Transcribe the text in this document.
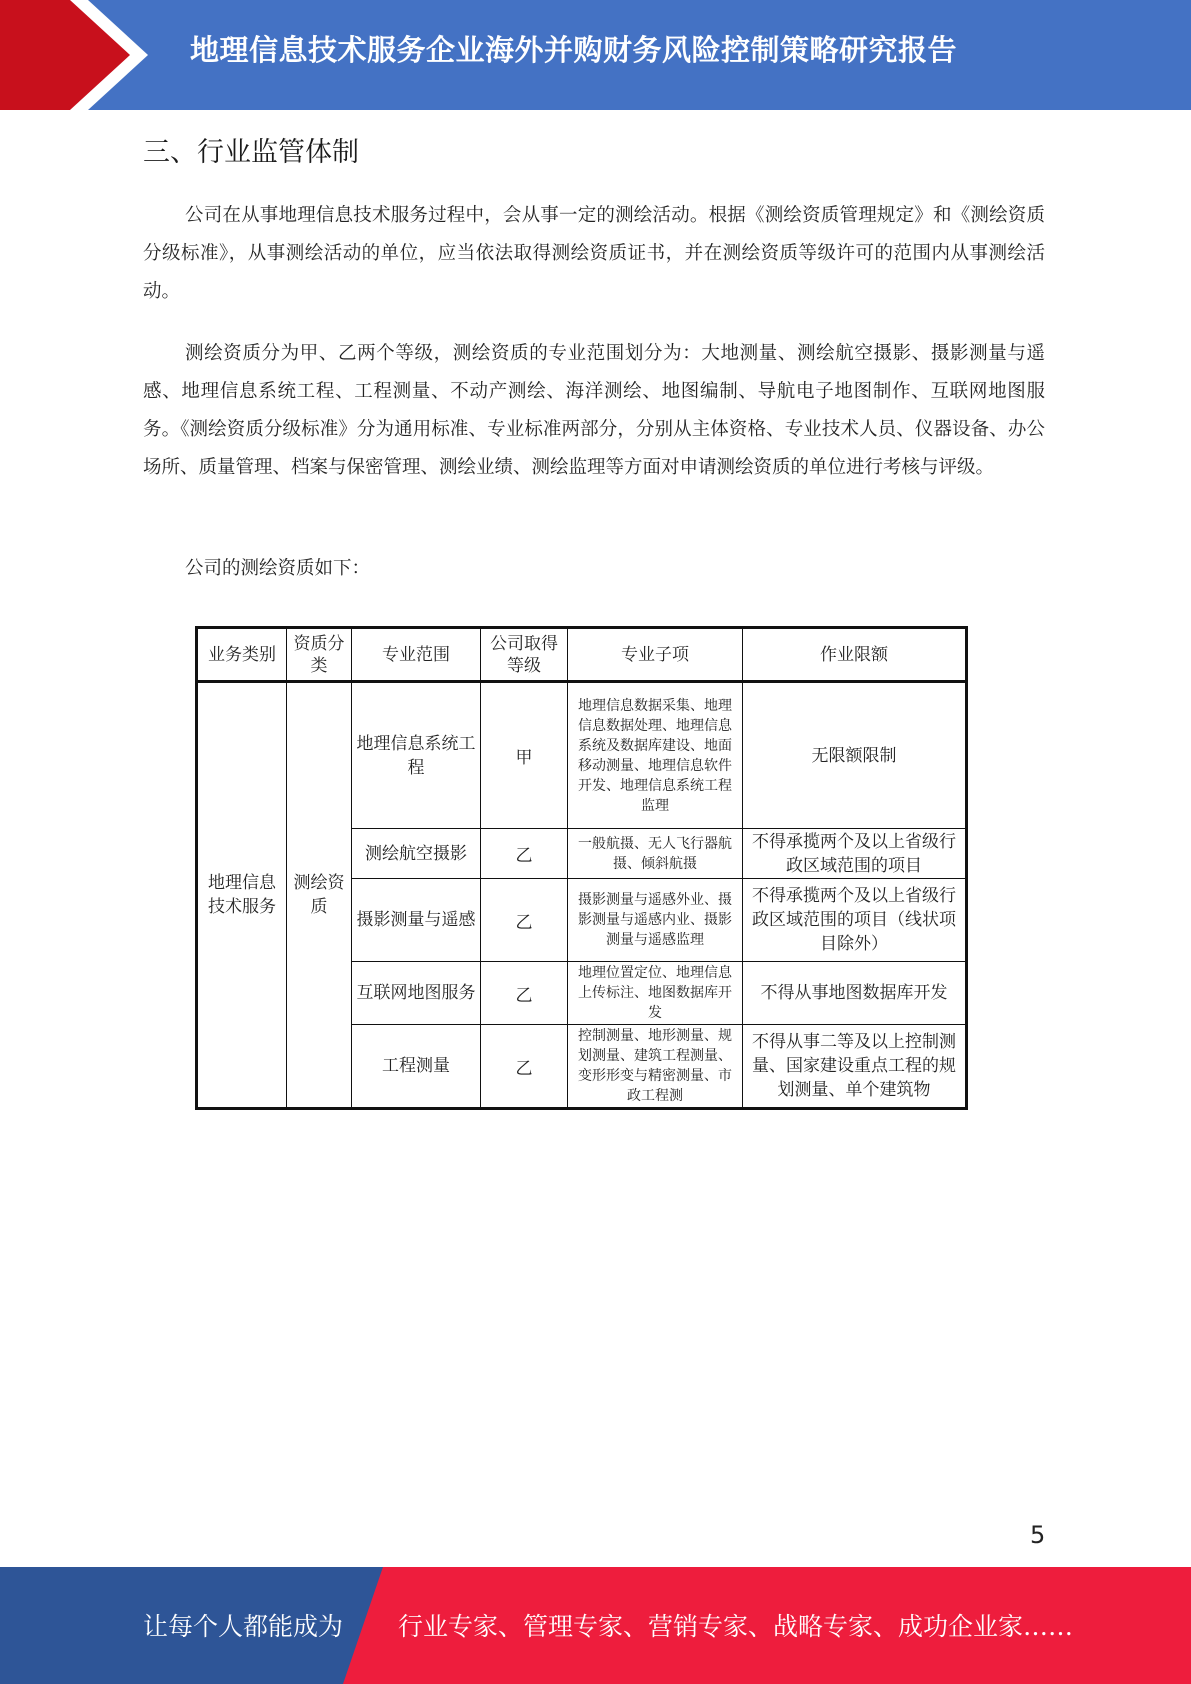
地理信息技术服务企业海外并购财务风险控制策略研究报告
三、行业监管体制

公司在从事地理信息技术服务过程中，会从事一定的测绘活动。根据《测绘资质管理规定》和《测绘资质分级标准》，从事测绘活动的单位，应当依法取得测绘资质证书，并在测绘资质等级许可的范围内从事测绘活动。

测绘资质分为甲、乙两个等级，测绘资质的专业范围划分为：大地测量、测绘航空摄影、摄影测量与遥感、地理信息系统工程、工程测量、不动产测绘、海洋测绘、地图编制、导航电子地图制作、互联网地图服务。《测绘资质分级标准》分为通用标准、专业标准两部分，分别从主体资格、专业技术人员、仪器设备、办公场所、质量管理、档案与保密管理、测绘业绩、测绘监理等方面对申请测绘资质的单位进行考核与评级。

公司的测绘资质如下：

业务类别	资质分类	专业范围	公司取得等级	专业子项	作业限额
地理信息技术服务	测绘资质	地理信息系统工程	甲	地理信息数据采集、地理信息数据处理、地理信息系统及数据库建设、地面移动测量、地理信息软件开发、地理信息系统工程监理	无限额限制
		测绘航空摄影	乙	一般航摄、无人飞行器航摄、倾斜航摄	不得承揽两个及以上省级行政区域范围的项目
		摄影测量与遥感	乙	摄影测量与遥感外业、摄影测量与遥感内业、摄影测量与遥感监理	不得承揽两个及以上省级行政区域范围的项目（线状项目除外）
		互联网地图服务	乙	地理位置定位、地理信息上传标注、地图数据库开发	不得从事地图数据库开发
		工程测量	乙	控制测量、地形测量、规划测量、建筑工程测量、变形形变与精密测量、市政工程测	不得从事二等及以上控制测量、国家建设重点工程的规划测量、单个建筑物
5
让每个人都能成为 行业专家、管理专家、营销专家、战略专家、成功企业家……
